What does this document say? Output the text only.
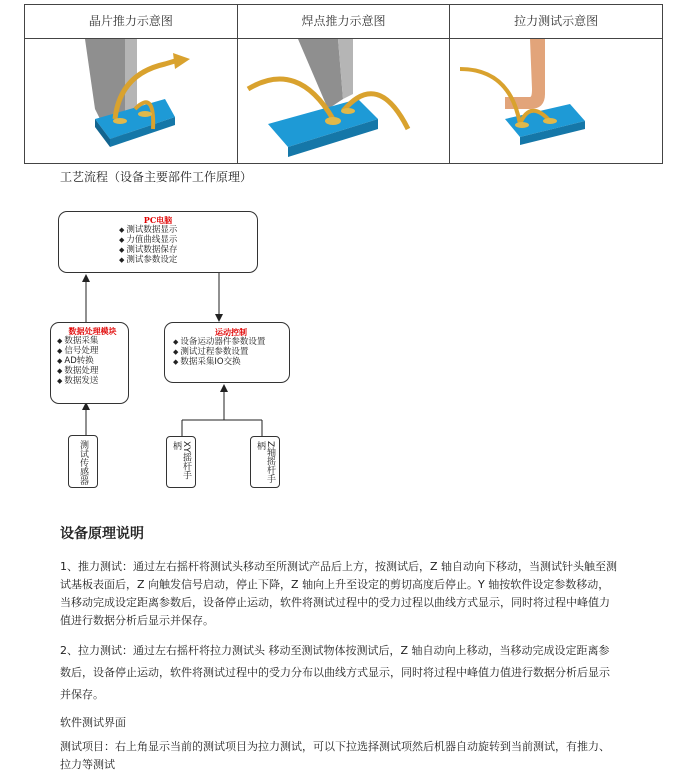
晶片推力示意图	焊点推力示意图	拉力测试示意图
工艺流程（设备主要部件工作原理）
PC电脑
◆ 测试数据显示
◆ 力值曲线显示
◆ 测试数据保存
◆ 测试参数设定
数据处理模块
◆ 数据采集
◆ 信号处理
◆ AD转换
◆ 数据处理
◆ 数据发送
运动控制
◆ 设备运动器件参数设置
◆ 测试过程参数设置
◆ 数据采集IO交换
测试传感器	XY摇杆手柄	Z轴摇杆手柄
设备原理说明

1、推力测试：通过左右摇杆将测试头移动至所测试产品后上方，按测试后，Z 轴自动向下移动，当测试针头触至测试基板表面后，Z 向触发信号启动，停止下降，Z 轴向上升至设定的剪切高度后停止。Y 轴按软件设定参数移动，当移动完成设定距离参数后，设备停止运动，软件将测试过程中的受力过程以曲线方式显示，同时将过程中峰值力值进行数据分析后显示并保存。

2、拉力测试：通过左右摇杆将拉力测试头 移动至测试物体按测试后，Z 轴自动向上移动，当移动完成设定距离参数后，设备停止运动，软件将测试过程中的受力分布以曲线方式显示，同时将过程中峰值力值进行数据分析后显示并保存。

软件测试界面

测试项目：右上角显示当前的测试项目为拉力测试，可以下拉选择测试项然后机器自动旋转到当前测试，有推力、拉力等测试
